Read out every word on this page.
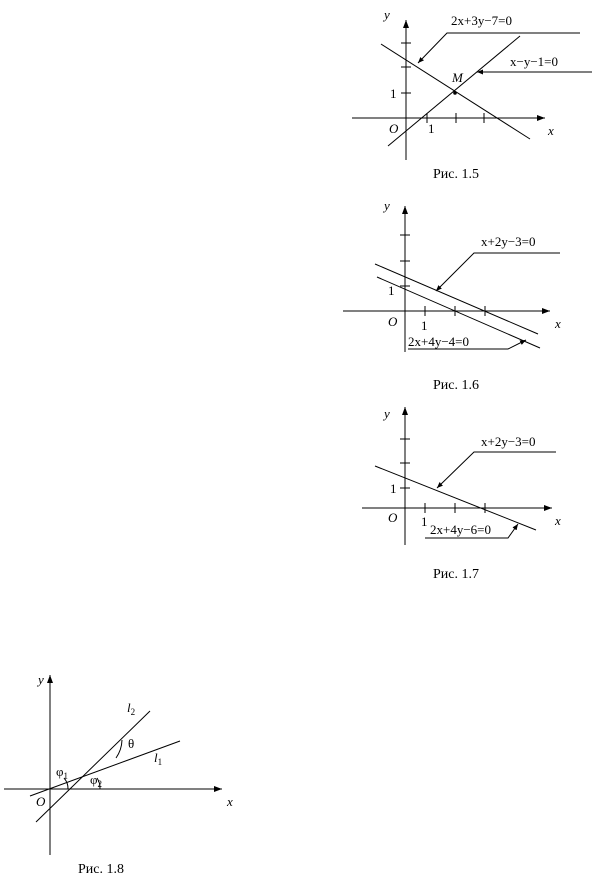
y
x
O 1
1
M
2x+3y−7=0
x−y−1=0
Рис. 1.5
y
x
O 1
1
x+2y−3=0
2x+4y−4=0
Рис. 1.6
y
x
O 1
1
x+2y−3=0
2x+4y−6=0
Рис. 1.7
y
x
O
$l_2$
$l_1$
θ
$\varphi_1$ $\varphi_2$
Рис. 1.8
